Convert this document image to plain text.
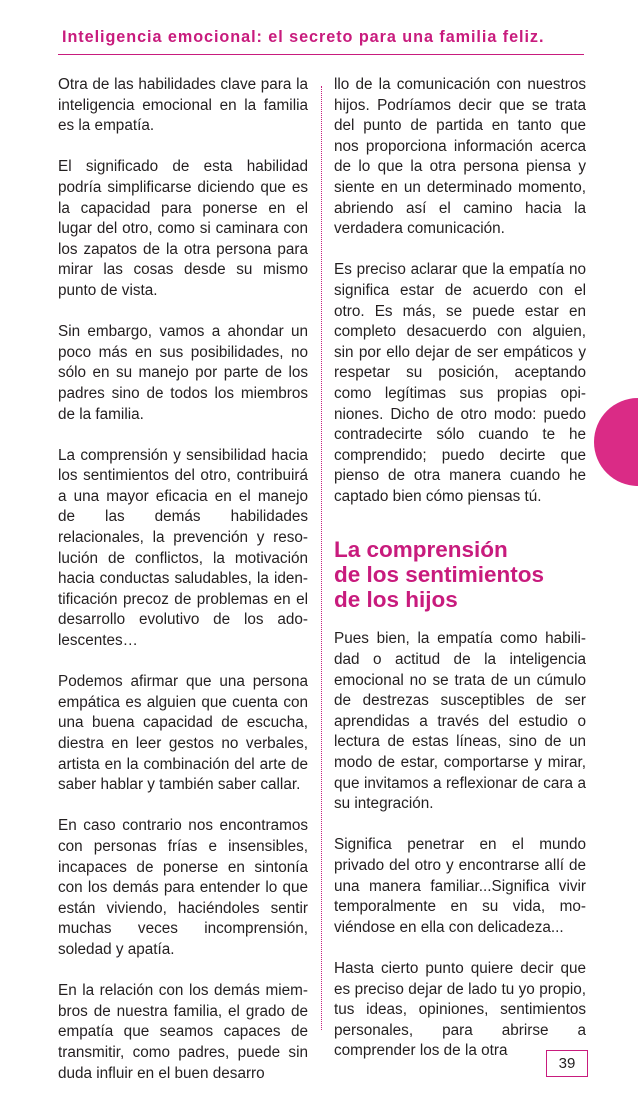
Inteligencia emocional: el secreto para una familia feliz.

Otra de las habilidades clave para la inteligencia emocional en la familia es la empatía.

El significado de esta habilidad podría simplificarse diciendo que es la capacidad para ponerse en el lugar del otro, como si caminara con los zapatos de la otra persona para mirar las cosas desde su mismo punto de vista.

Sin embargo, vamos a ahondar un poco más en sus posibilidades, no sólo en su manejo por parte de los padres sino de todos los miembros de la familia.

La comprensión y sensibilidad hacia los sentimientos del otro, contribuirá a una mayor eficacia en el manejo de las demás habilidades relacionales, la prevención y resolución de conflictos, la motivación hacia conductas saludables, la identificación precoz de problemas en el desarrollo evolutivo de los adolescentes…

Podemos afirmar que una persona empática es alguien que cuenta con una buena capacidad de escucha, diestra en leer gestos no verbales, artista en la combinación del arte de saber hablar y también saber callar.

En caso contrario nos encontramos con personas frías e insensibles, incapaces de ponerse en sintonía con los demás para entender lo que están viviendo, haciéndoles sentir muchas veces incomprensión, soledad y apatía.

En la relación con los demás miembros de nuestra familia, el grado de empatía que seamos capaces de transmitir, como padres, puede sin duda influir en el buen desarro

llo de la comunicación con nuestros hijos. Podríamos decir que se trata del punto de partida en tanto que nos proporciona información acerca de lo que la otra persona piensa y siente en un determinado momento, abriendo así el camino hacia la verdadera comunicación.

Es preciso aclarar que la empatía no significa estar de acuerdo con el otro. Es más, se puede estar en completo desacuerdo con alguien, sin por ello dejar de ser empáticos y respetar su posición, aceptando como legítimas sus propias opiniones. Dicho de otro modo: puedo contradecirte sólo cuando te he comprendido; puedo decirte que pienso de otra manera cuando he captado bien cómo piensas tú.

La comprensión
de los sentimientos
de los hijos

Pues bien, la empatía como habilidad o actitud de la inteligencia emocional no se trata de un cúmulo de destrezas susceptibles de ser aprendidas a través del estudio o lectura de estas líneas, sino de un modo de estar, comportarse y mirar, que invitamos a reflexionar de cara a su integración.

Significa penetrar en el mundo privado del otro y encontrarse allí de una manera familiar...Significa vivir temporalmente en su vida, moviéndose en ella con delicadeza...

Hasta cierto punto quiere decir que es preciso dejar de lado tu yo propio, tus ideas, opiniones, sentimientos personales, para abrirse a comprender los de la otra

39
